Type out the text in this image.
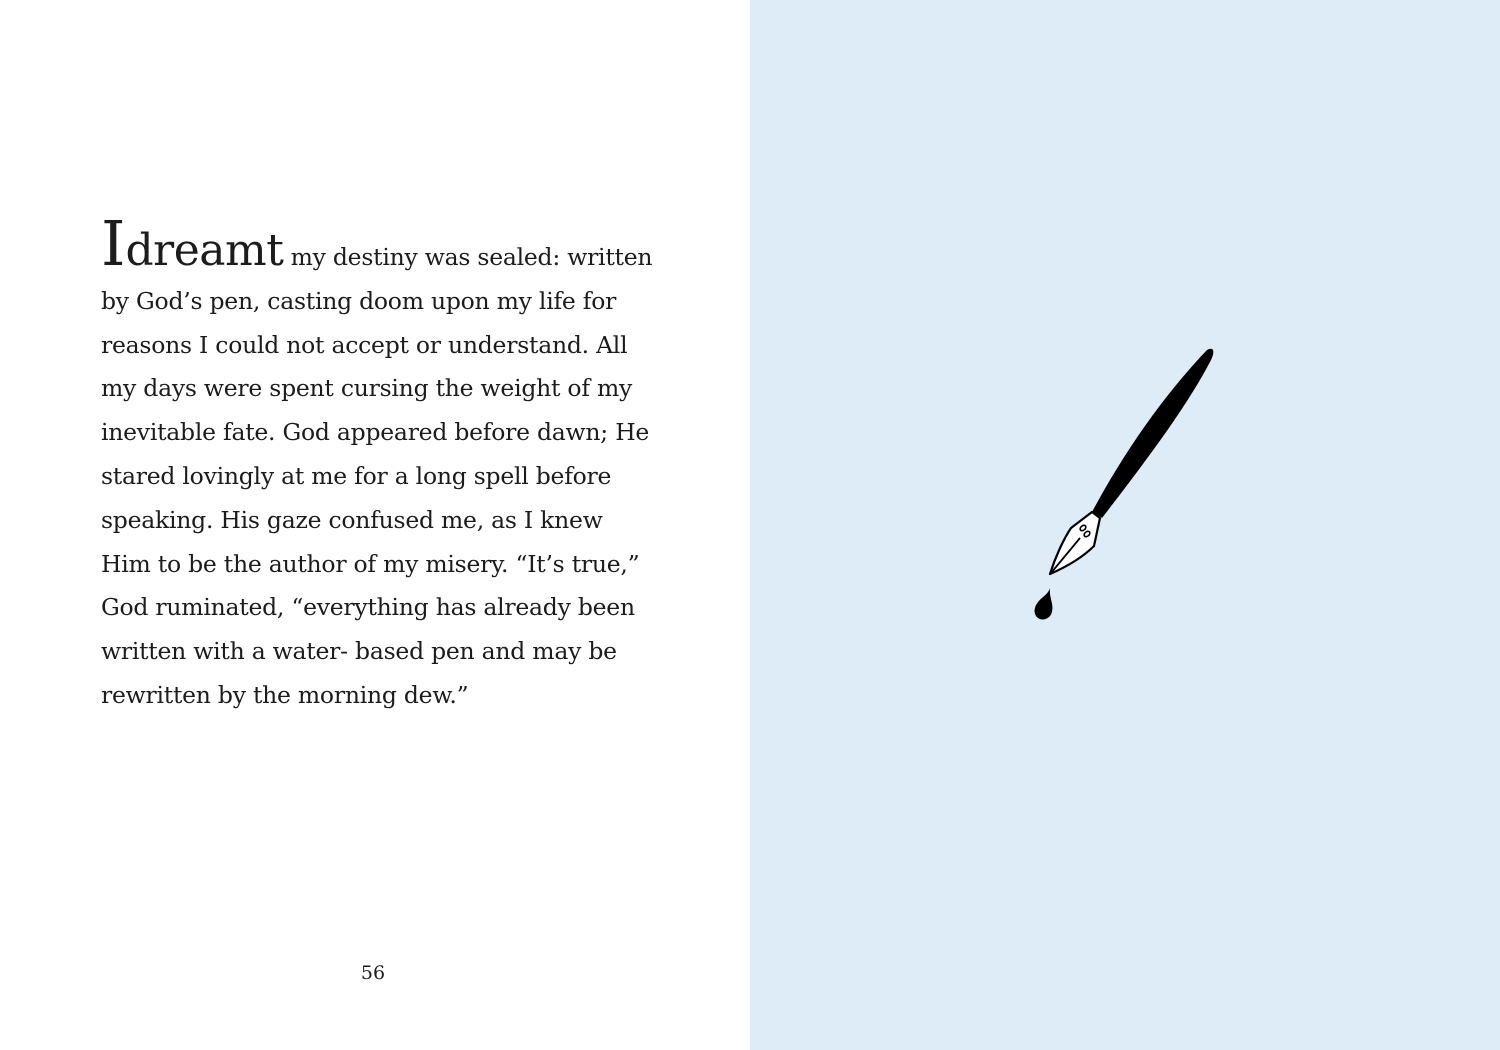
Idreamt my destiny was sealed: written
by God’s pen, casting doom upon my life for
reasons I could not accept or understand. All
my days were spent cursing the weight of my
inevitable fate. God appeared before dawn; He
stared lovingly at me for a long spell before
speaking. His gaze confused me, as I knew
Him to be the author of my misery. “It’s true,”
God ruminated, “everything has already been
written with a water- based pen and may be
rewritten by the morning dew.”
56
